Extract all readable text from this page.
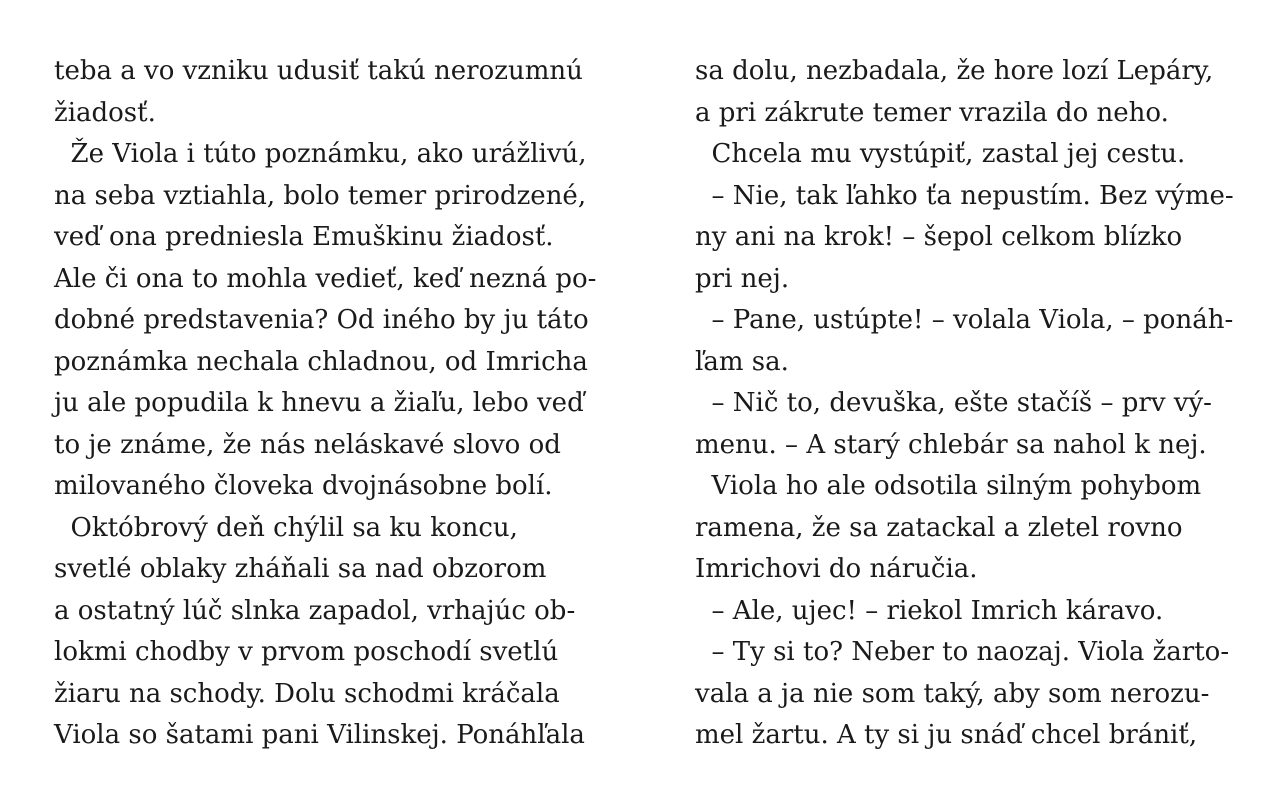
teba a vo vzniku udusiť takú nerozumnú
žiadosť.
Že Viola i túto poznámku, ako urážlivú,
na seba vztiahla, bolo temer prirodzené,
veď ona predniesla Emuškinu žiadosť.
Ale či ona to mohla vedieť, keď nezná po-
dobné predstavenia? Od iného by ju táto
poznámka nechala chladnou, od Imricha
ju ale popudila k hnevu a žiaľu, lebo veď
to je známe, že nás neláskavé slovo od
milovaného človeka dvojnásobne bolí.
Októbrový deň chýlil sa ku koncu,
svetlé oblaky zháňali sa nad obzorom
a ostatný lúč slnka zapadol, vrhajúc ob-
lokmi chodby v prvom poschodí svetlú
žiaru na schody. Dolu schodmi kráčala
Viola so šatami pani Vilinskej. Ponáhľala
sa dolu, nezbadala, že hore lozí Lepáry,
a pri zákrute temer vrazila do neho.
Chcela mu vystúpiť, zastal jej cestu.
– Nie, tak ľahko ťa nepustím. Bez výme-
ny ani na krok! – šepol celkom blízko
pri nej.
– Pane, ustúpte! – volala Viola, – ponáh-
ľam sa.
– Nič to, devuška, ešte stačíš – prv vý-
menu. – A starý chlebár sa nahol k nej.
Viola ho ale odsotila silným pohybom
ramena, že sa zatackal a zletel rovno
Imrichovi do náručia.
– Ale, ujec! – riekol Imrich káravo.
– Ty si to? Neber to naozaj. Viola žarto-
vala a ja nie som taký, aby som nerozu-
mel žartu. A ty si ju snáď chcel brániť,
